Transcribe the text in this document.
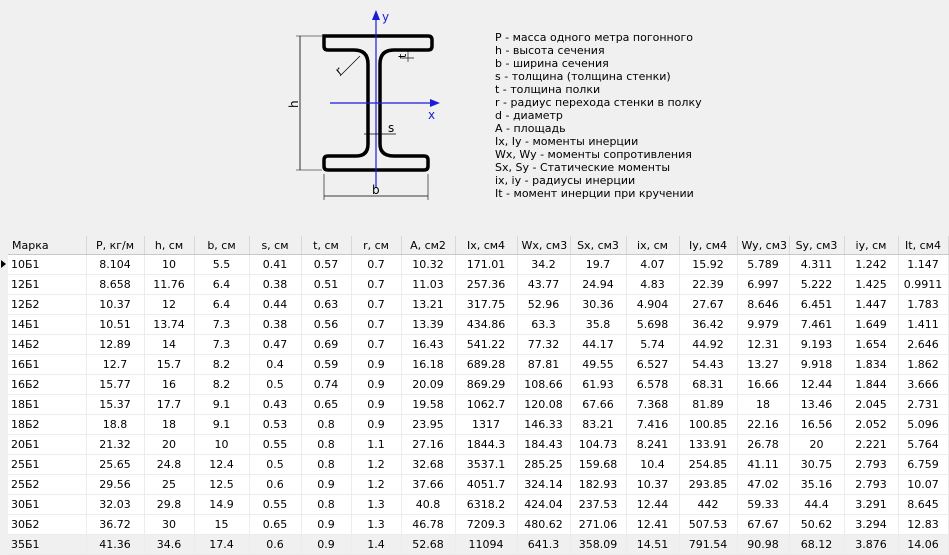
y
x
h
b
s
r
t
P - масса одного метра погонного
h - высота сечения
b - ширина сечения
s - толщина (толщина стенки)
t - толщина полки
r - радиус перехода стенки в полку
d - диаметр
A - площадь
Ix, Iy - моменты инерции
Wx, Wy - моменты сопротивления
Sx, Sy - Статические моменты
ix, iy - радиусы инерции
It - момент инерции при кручении
Марка	P, кг/м	h, см	b, см	s, см	t, см	r, см	A, см2	Ix, см4	Wx, см3	Sx, см3	ix, см	Iy, см4	Wy, см3	Sy, см3	iy, см	It, см4

10Б1	8.104	10	5.5	0.41	0.57	0.7	10.32	171.01	34.2	19.7	4.07	15.92	5.789	4.311	1.242	1.147
12Б1	8.658	11.76	6.4	0.38	0.51	0.7	11.03	257.36	43.77	24.94	4.83	22.39	6.997	5.222	1.425	0.9911
12Б2	10.37	12	6.4	0.44	0.63	0.7	13.21	317.75	52.96	30.36	4.904	27.67	8.646	6.451	1.447	1.783
14Б1	10.51	13.74	7.3	0.38	0.56	0.7	13.39	434.86	63.3	35.8	5.698	36.42	9.979	7.461	1.649	1.411
14Б2	12.89	14	7.3	0.47	0.69	0.7	16.43	541.22	77.32	44.17	5.74	44.92	12.31	9.193	1.654	2.646
16Б1	12.7	15.7	8.2	0.4	0.59	0.9	16.18	689.28	87.81	49.55	6.527	54.43	13.27	9.918	1.834	1.862
16Б2	15.77	16	8.2	0.5	0.74	0.9	20.09	869.29	108.66	61.93	6.578	68.31	16.66	12.44	1.844	3.666
18Б1	15.37	17.7	9.1	0.43	0.65	0.9	19.58	1062.7	120.08	67.66	7.368	81.89	18	13.46	2.045	2.731
18Б2	18.8	18	9.1	0.53	0.8	0.9	23.95	1317	146.33	83.21	7.416	100.85	22.16	16.56	2.052	5.096
20Б1	21.32	20	10	0.55	0.8	1.1	27.16	1844.3	184.43	104.73	8.241	133.91	26.78	20	2.221	5.764
25Б1	25.65	24.8	12.4	0.5	0.8	1.2	32.68	3537.1	285.25	159.68	10.4	254.85	41.11	30.75	2.793	6.759
25Б2	29.56	25	12.5	0.6	0.9	1.2	37.66	4051.7	324.14	182.93	10.37	293.85	47.02	35.16	2.793	10.07
30Б1	32.03	29.8	14.9	0.55	0.8	1.3	40.8	6318.2	424.04	237.53	12.44	442	59.33	44.4	3.291	8.645
30Б2	36.72	30	15	0.65	0.9	1.3	46.78	7209.3	480.62	271.06	12.41	507.53	67.67	50.62	3.294	12.83
35Б1	41.36	34.6	17.4	0.6	0.9	1.4	52.68	11094	641.3	358.09	14.51	791.54	90.98	68.12	3.876	14.06
